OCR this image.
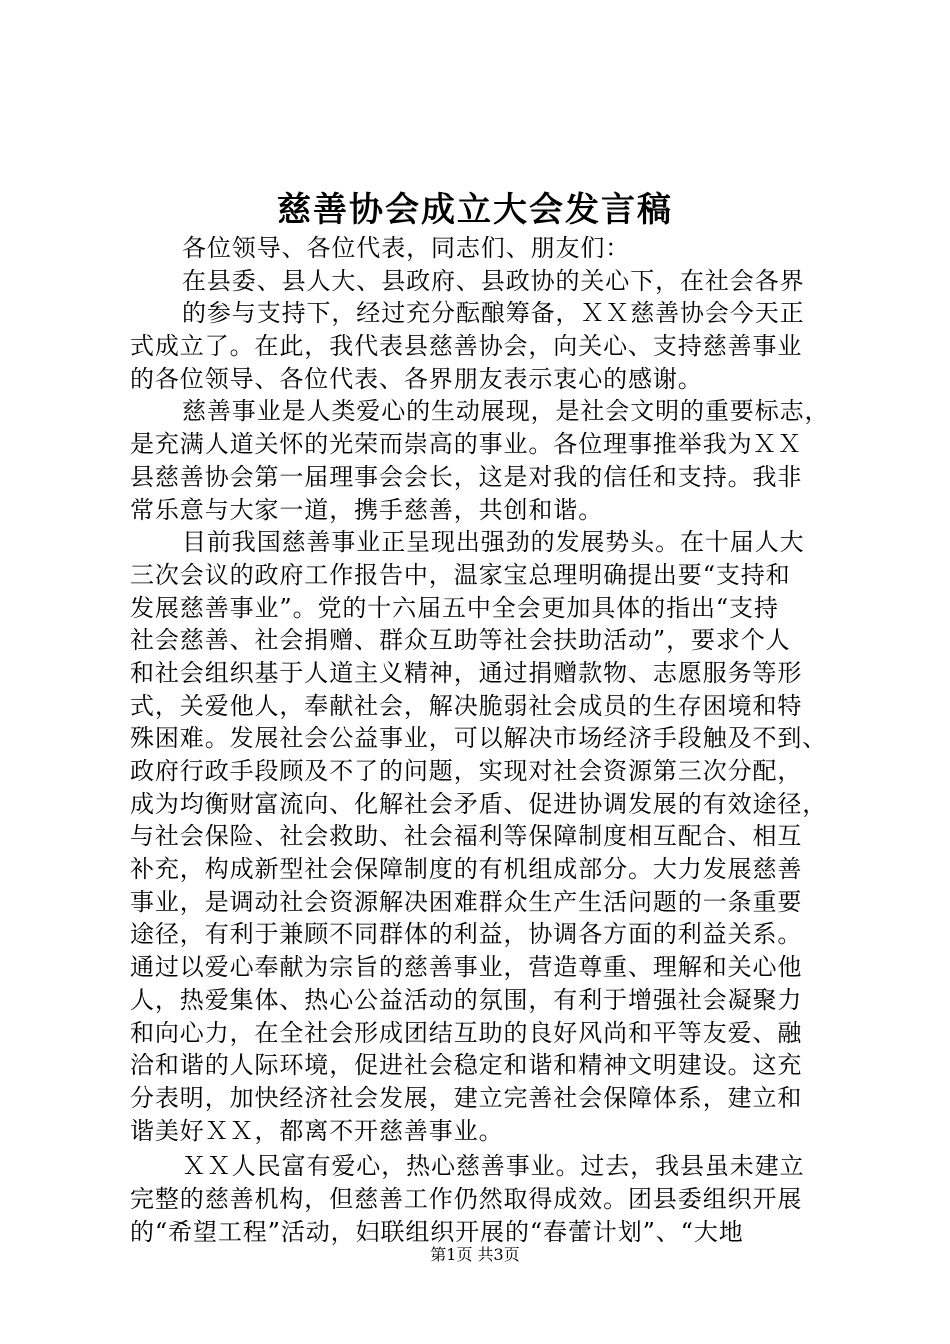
慈善协会成立大会发言稿
各位领导、各位代表，同志们、朋友们：
在县委、县人大、县政府、县政协的关心下，在社会各界
的参与支持下，经过充分酝酿筹备，ＸＸ慈善协会今天正
式成立了。在此，我代表县慈善协会，向关心、支持慈善事业
的各位领导、各位代表、各界朋友表示衷心的感谢。
慈善事业是人类爱心的生动展现，是社会文明的重要标志，
是充满人道关怀的光荣而崇高的事业。各位理事推举我为ＸＸ
县慈善协会第一届理事会会长，这是对我的信任和支持。我非
常乐意与大家一道，携手慈善，共创和谐。
目前我国慈善事业正呈现出强劲的发展势头。在十届人大
三次会议的政府工作报告中，温家宝总理明确提出要“支持和
发展慈善事业”。党的十六届五中全会更加具体的指出“支持
社会慈善、社会捐赠、群众互助等社会扶助活动”，要求个人
和社会组织基于人道主义精神，通过捐赠款物、志愿服务等形
式，关爱他人，奉献社会，解决脆弱社会成员的生存困境和特
殊困难。发展社会公益事业，可以解决市场经济手段触及不到、
政府行政手段顾及不了的问题，实现对社会资源第三次分配，
成为均衡财富流向、化解社会矛盾、促进协调发展的有效途径，
与社会保险、社会救助、社会福利等保障制度相互配合、相互
补充，构成新型社会保障制度的有机组成部分。大力发展慈善
事业，是调动社会资源解决困难群众生产生活问题的一条重要
途径，有利于兼顾不同群体的利益，协调各方面的利益关系。
通过以爱心奉献为宗旨的慈善事业，营造尊重、理解和关心他
人，热爱集体、热心公益活动的氛围，有利于增强社会凝聚力
和向心力，在全社会形成团结互助的良好风尚和平等友爱、融
洽和谐的人际环境，促进社会稳定和谐和精神文明建设。这充
分表明，加快经济社会发展，建立完善社会保障体系，建立和
谐美好ＸＸ，都离不开慈善事业。
ＸＸ人民富有爱心，热心慈善事业。过去，我县虽未建立
完整的慈善机构，但慈善工作仍然取得成效。团县委组织开展
的“希望工程”活动，妇联组织开展的“春蕾计划”、“大地
第1页 共3页
